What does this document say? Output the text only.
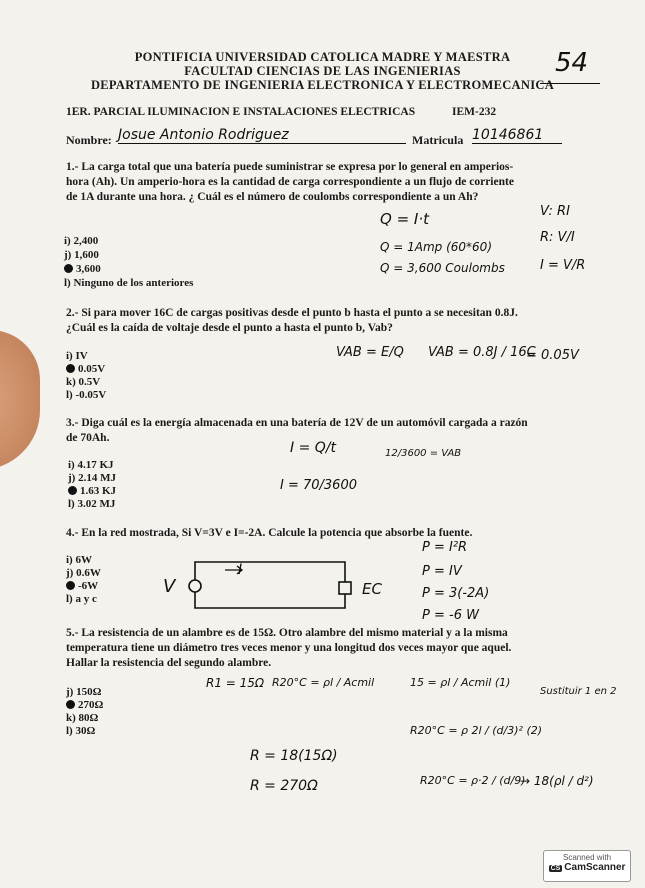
PONTIFICIA UNIVERSIDAD CATOLICA MADRE Y MAESTRA
FACULTAD CIENCIAS DE LAS INGENIERIAS
DEPARTAMENTO DE INGENIERIA ELECTRONICA Y ELECTROMECANICA
54
1ER. PARCIAL ILUMINACION E INSTALACIONES ELECTRICAS	IEM-232
Nombre: Josue Antonio Rodriguez	Matricula 10146861
1.- La carga total que una batería puede suministrar se expresa por lo general en amperios-hora (Ah). Un amperio-hora es la cantidad de carga correspondiente a un flujo de corriente de 1A durante una hora. ¿ Cuál es el número de coulombs correspondiente a un Ah?
i) 2,400
j) 1,600
3,600
l) Ninguno de los anteriores
Q = I·t
Q = 1Amp (60*60)
Q = 3,600 Coulombs
V: RI
R: V/I
I = V/R
2.- Si para mover 16C de cargas positivas desde el punto b hasta el punto a se necesitan 0.8J. ¿Cuál es la caída de voltaje desde el punto a hasta el punto b, Vab?
i) IV
0.05V
k) 0.5V
l) -0.05V
VAB = E/Q VAB = 0.8J / 16C
= 0.05V
3.- Diga cuál es la energía almacenada en una batería de 12V de un automóvil cargada a razón de 70Ah.
i) 4.17 KJ
j) 2.14 MJ
1.63 KJ
l) 3.02 MJ
I = Q/t	12/3600 = VAB
I = 70/3600
4.- En la red mostrada, Si V=3V e I=-2A. Calcule la potencia que absorbe la fuente.
i) 6W
j) 0.6W
-6W
l) a y c
V
I
EC
P = I²R
P = IV
P = 3(-2A)
P = -6 W
5.- La resistencia de un alambre es de 15Ω. Otro alambre del mismo material y a la misma temperatura tiene un diámetro tres veces menor y una longitud dos veces mayor que aquel. Hallar la resistencia del segundo alambre.
j) 150Ω
270Ω
k) 80Ω
l) 30Ω
R1 = 15Ω R20°C = ρl / Acmil	15 = ρl / Acmil (1)
Sustituir 1 en 2
R20°C = ρ 2l / (d/3)² (2)
R = 18(15Ω)
R = 270Ω	R20°C = ρ·2 / (d/9)
→ 18(ρl / d²)
Scanned with
CS CamScanner
